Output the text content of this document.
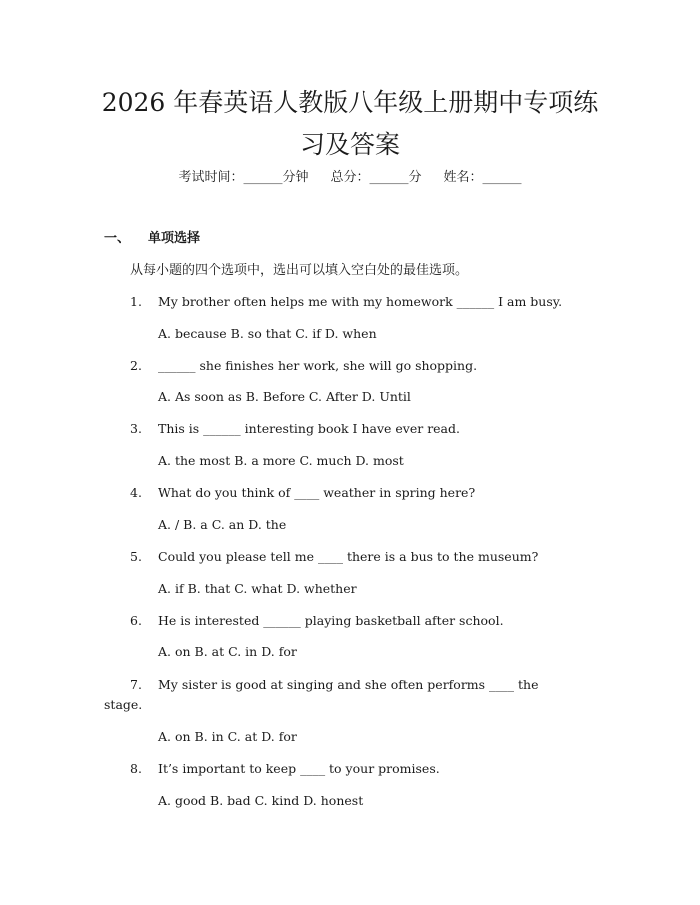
2026 年春英语人教版八年级上册期中专项练
习及答案
考试时间：______分钟 总分：______分 姓名：______
一、 单项选择
从每小题的四个选项中，选出可以填入空白处的最佳选项。
1. My brother often helps me with my homework ______ I am busy.
A. because B. so that C. if D. when
2. ______ she finishes her work, she will go shopping.
A. As soon as B. Before C. After D. Until
3. This is ______ interesting book I have ever read.
A. the most B. a more C. much D. most
4. What do you think of ____ weather in spring here?
A. / B. a C. an D. the
5. Could you please tell me ____ there is a bus to the museum?
A. if B. that C. what D. whether
6. He is interested ______ playing basketball after school.
A. on B. at C. in D. for
7. My sister is good at singing and she often performs ____ the
stage.
A. on B. in C. at D. for
8. It’s important to keep ____ to your promises.
A. good B. bad C. kind D. honest
